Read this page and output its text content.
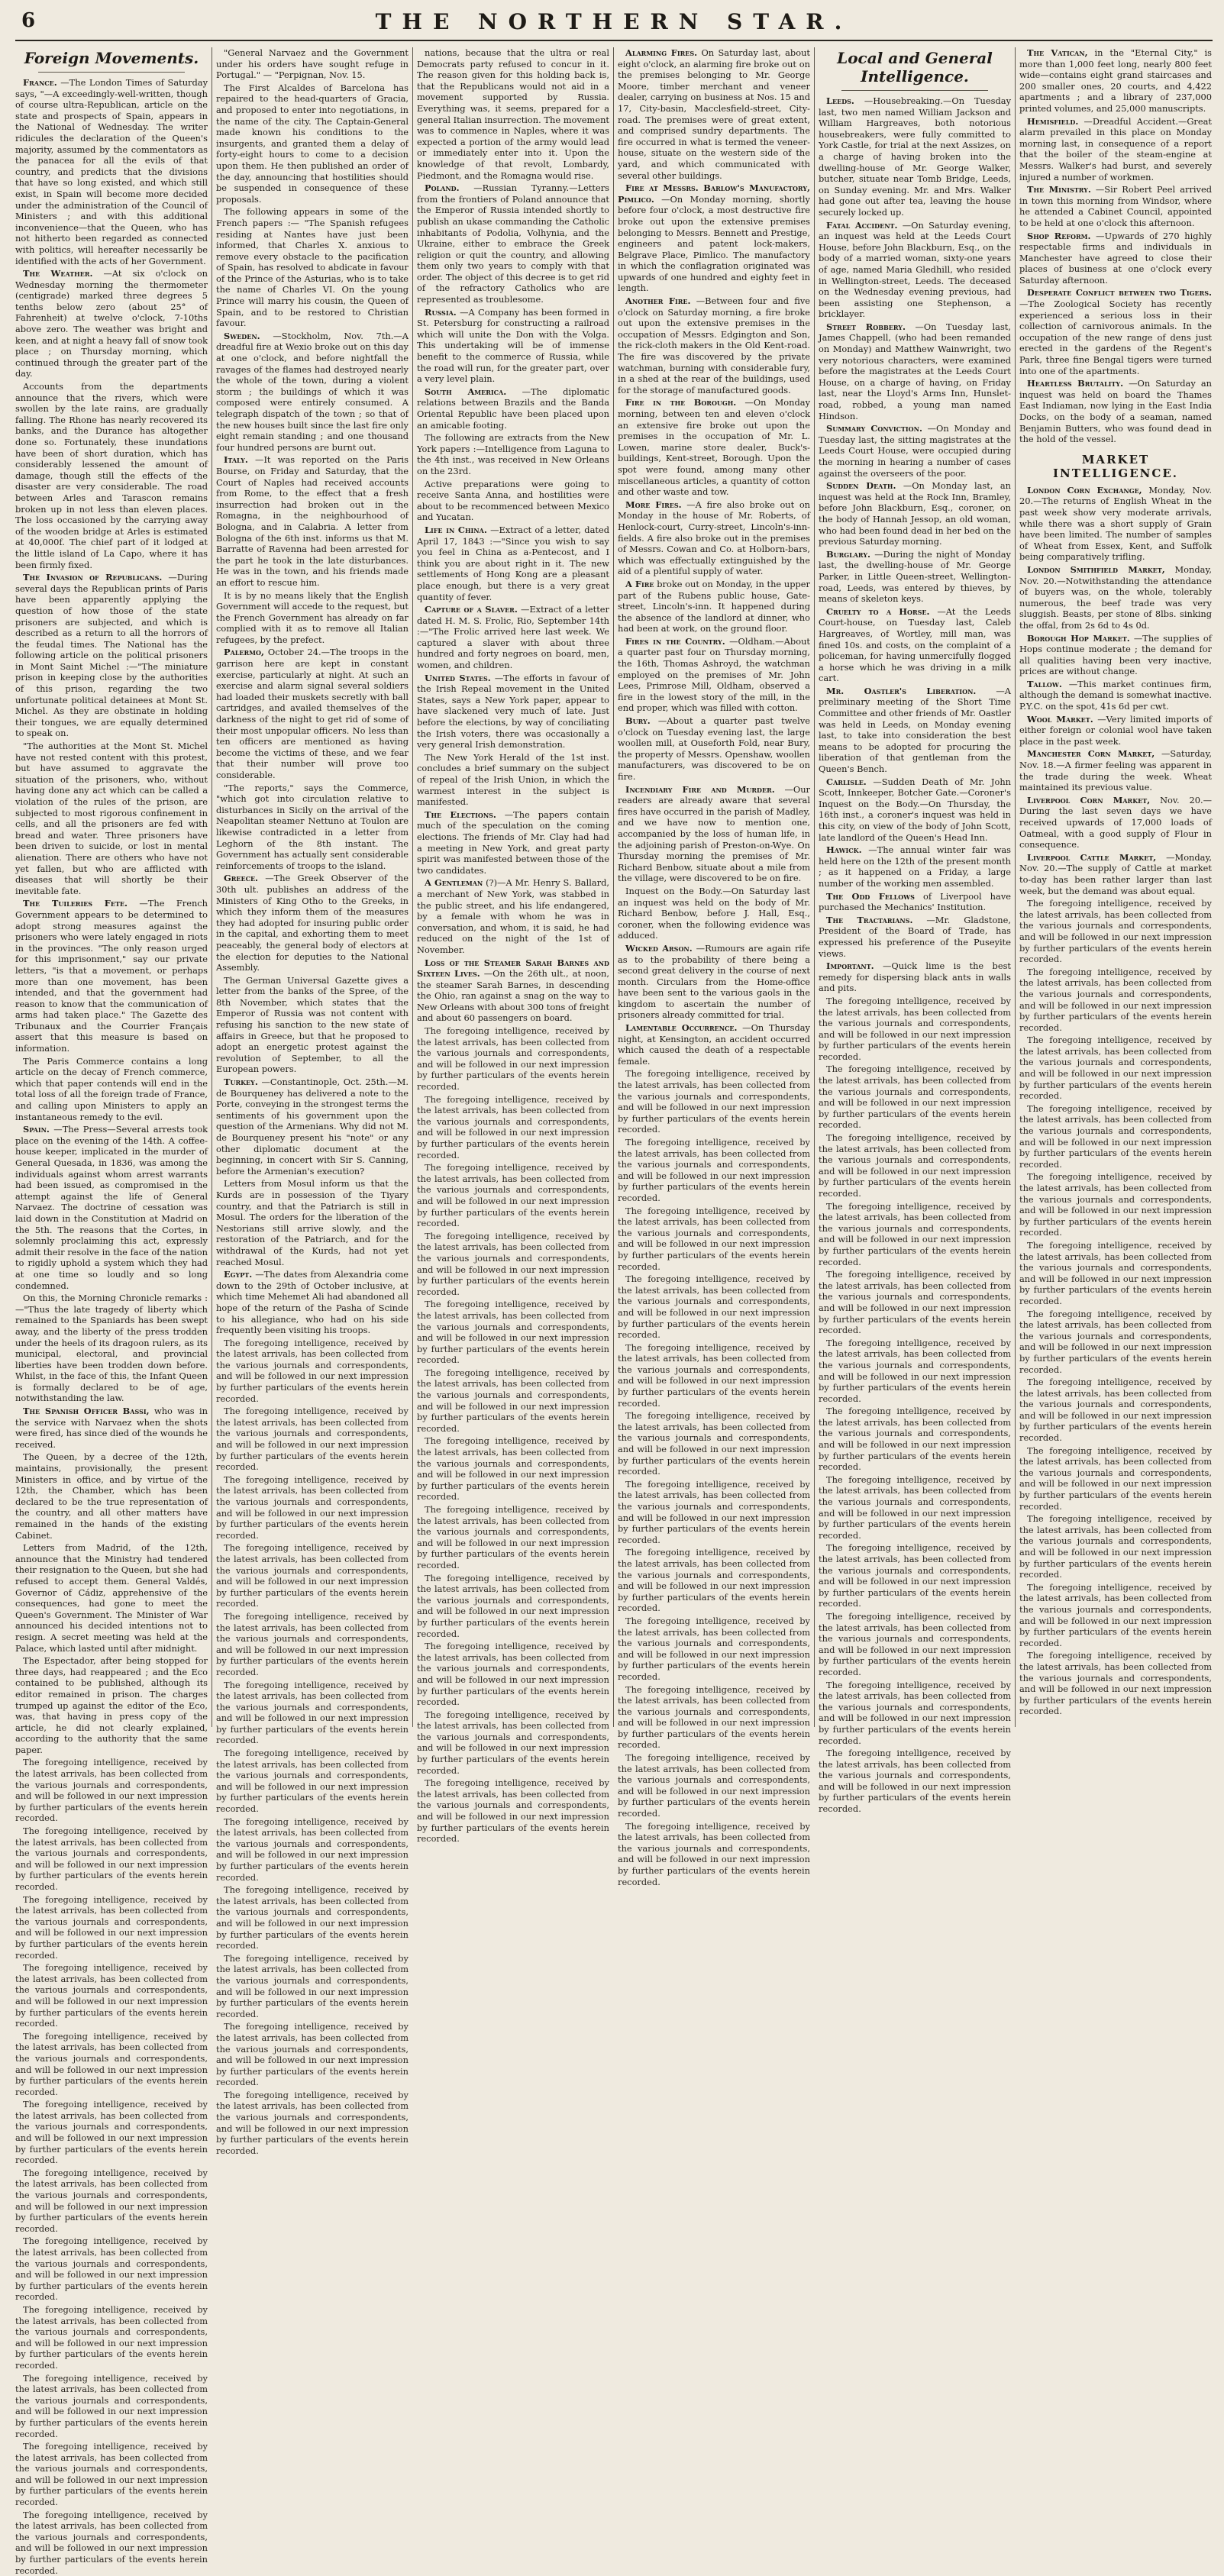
6	THE NORTHERN STAR.
Foreign Movements.

France. —The London Times of Saturday says, "—A exceedingly-well-written, though of course ultra-Republican, article on the state and prospects of Spain, appears in the National of Wednesday. The writer ridicules the declaration of the Queen's majority, assumed by the commentators as the panacea for all the evils of that country, and predicts that the divisions that have so long existed, and which still exist, in Spain will become more decided under the administration of the Council of Ministers ; and with this additional inconvenience—that the Queen, who has not hitherto been regarded as connected with politics, will hereafter necessarily be identified with the acts of her Government.

The Weather. —At six o'clock on Wednesday morning the thermometer (centigrade) marked three degrees 5 tenths below zero (about 25° of Fahrenheit) at twelve o'clock, 7-10ths above zero. The weather was bright and keen, and at night a heavy fall of snow took place ; on Thursday morning, which continued through the greater part of the day.

Accounts from the departments announce that the rivers, which were swollen by the late rains, are gradually falling. The Rhone has nearly recovered its banks, and the Durance has altogether done so. Fortunately, these inundations have been of short duration, which has considerably lessened the amount of damage, though still the effects of the disaster are very considerable. The road between Arles and Tarascon remains broken up in not less than eleven places. The loss occasioned by the carrying away of the wooden bridge at Arles is estimated at 40,000f. The chief part of it lodged at the little island of La Capo, where it has been firmly fixed.

The Invasion of Republicans. —During several days the Republican prints of Paris have been apparently applying the question of how those of the state prisoners are subjected, and which is described as a return to all the horrors of the feudal times. The National has the following article on the political prisoners in Mont Saint Michel :—"The miniature prison in keeping close by the authorities of this prison, regarding the two unfortunate political detainees at Mont St. Michel. As they are obstinate in holding their tongues, we are equally determined to speak on.

"The authorities at the Mont St. Michel have not rested content with this protest, but have assumed to aggravate the situation of the prisoners, who, without having done any act which can be called a violation of the rules of the prison, are subjected to most rigorous confinement in cells, and all the prisoners are fed with bread and water. Three prisoners have been driven to suicide, or lost in mental alienation. There are others who have not yet fallen, but who are afflicted with diseases that will shortly be their inevitable fate.

The Tuileries Fete. —The French Government appears to be determined to adopt strong measures against the prisoners who were lately engaged in riots in the provinces. "The only reason urged for this imprisonment," say our private letters, "is that a movement, or perhaps more than one movement, has been intended, and that the government had reason to know that the communication of arms had taken place." The Gazette des Tribunaux and the Courrier Français assert that this measure is based on information.

The Paris Commerce contains a long article on the decay of French commerce, which that paper contends will end in the total loss of all the foreign trade of France, and calling upon Ministers to apply an instantaneous remedy to the evil.

Spain. —The Press—Several arrests took place on the evening of the 14th. A coffee-house keeper, implicated in the murder of General Quesada, in 1836, was among the individuals against whom arrest warrants had been issued, as compromised in the attempt against the life of General Narvaez. The doctrine of cessation was laid down in the Constitution at Madrid on the 5th. The reasons that the Cortes, in solemnly proclaiming this act, expressly admit their resolve in the face of the nation to rigidly uphold a system which they had at one time so loudly and so long condemned.

On this, the Morning Chronicle remarks :—"Thus the late tragedy of liberty which remained to the Spaniards has been swept away, and the liberty of the press trodden under the heels of its dragoon rulers, as its municipal, electoral, and provincial liberties have been trodden down before. Whilst, in the face of this, the Infant Queen is formally declared to be of age, notwithstanding the law.

The Spanish Officer Bassi, who was in the service with Narvaez when the shots were fired, has since died of the wounds he received.

The Queen, by a decree of the 12th, maintains, provisionally, the present Ministers in office, and by virtue of the 12th, the Chamber, which has been declared to be the true representation of the country, and all other matters have remained in the hands of the existing Cabinet.

Letters from Madrid, of the 12th, announce that the Ministry had tendered their resignation to the Queen, but she had refused to accept them. General Valdés, Governor of Cádiz, apprehensive of the consequences, had gone to meet the Queen's Government. The Minister of War announced his decided intentions not to resign. A secret meeting was held at the Palace, which lasted until after midnight.

The Espectador, after being stopped for three days, had reappeared ; and the Eco contained to be published, although its editor remained in prison. The charges trumped up against the editor of the Eco, was, that having in press copy of the article, he did not clearly explained, according to the authority that the same paper.

The foregoing intelligence, received by the latest arrivals, has been collected from the various journals and correspondents, and will be followed in our next impression by further particulars of the events herein recorded.

The foregoing intelligence, received by the latest arrivals, has been collected from the various journals and correspondents, and will be followed in our next impression by further particulars of the events herein recorded.

The foregoing intelligence, received by the latest arrivals, has been collected from the various journals and correspondents, and will be followed in our next impression by further particulars of the events herein recorded.

The foregoing intelligence, received by the latest arrivals, has been collected from the various journals and correspondents, and will be followed in our next impression by further particulars of the events herein recorded.

The foregoing intelligence, received by the latest arrivals, has been collected from the various journals and correspondents, and will be followed in our next impression by further particulars of the events herein recorded.

The foregoing intelligence, received by the latest arrivals, has been collected from the various journals and correspondents, and will be followed in our next impression by further particulars of the events herein recorded.

The foregoing intelligence, received by the latest arrivals, has been collected from the various journals and correspondents, and will be followed in our next impression by further particulars of the events herein recorded.

The foregoing intelligence, received by the latest arrivals, has been collected from the various journals and correspondents, and will be followed in our next impression by further particulars of the events herein recorded.

The foregoing intelligence, received by the latest arrivals, has been collected from the various journals and correspondents, and will be followed in our next impression by further particulars of the events herein recorded.

The foregoing intelligence, received by the latest arrivals, has been collected from the various journals and correspondents, and will be followed in our next impression by further particulars of the events herein recorded.

The foregoing intelligence, received by the latest arrivals, has been collected from the various journals and correspondents, and will be followed in our next impression by further particulars of the events herein recorded.

The foregoing intelligence, received by the latest arrivals, has been collected from the various journals and correspondents, and will be followed in our next impression by further particulars of the events herein recorded.

"General Narvaez and the Government under his orders have sought refuge in Portugal." — "Perpignan, Nov. 15.

The First Alcaldes of Barcelona has repaired to the head-quarters of Gracia, and proposed to enter into negotiations, in the name of the city. The Captain-General made known his conditions to the insurgents, and granted them a delay of forty-eight hours to come to a decision upon them. He then published an order of the day, announcing that hostilities should be suspended in consequence of these proposals.

The following appears in some of the French papers :— "The Spanish refugees residing at Nantes have just been informed, that Charles X. anxious to remove every obstacle to the pacification of Spain, has resolved to abdicate in favour of the Prince of the Asturias, who is to take the name of Charles VI. On the young Prince will marry his cousin, the Queen of Spain, and to be restored to Christian favour.

Sweden. —Stockholm, Nov. 7th.—A dreadful fire at Wexio broke out on this day at one o'clock, and before nightfall the ravages of the flames had destroyed nearly the whole of the town, during a violent storm ; the buildings of which it was composed were entirely consumed. A telegraph dispatch of the town ; so that of the new houses built since the last fire only eight remain standing ; and one thousand four hundred persons are burnt out.

Italy. —It was reported on the Paris Bourse, on Friday and Saturday, that the Court of Naples had received accounts from Rome, to the effect that a fresh insurrection had broken out in the Romagna, in the neighbourhood of Bologna, and in Calabria. A letter from Bologna of the 6th inst. informs us that M. Barratte of Ravenna had been arrested for the part he took in the late disturbances. He was in the town, and his friends made an effort to rescue him.

It is by no means likely that the English Government will accede to the request, but the French Government has already on far complied with it as to remove all Italian refugees, by the prefect.

Palermo, October 24.—The troops in the garrison here are kept in constant exercise, particularly at night. At such an exercise and alarm signal several soldiers had loaded their muskets secretly with ball cartridges, and availed themselves of the darkness of the night to get rid of some of their most unpopular officers. No less than ten officers are mentioned as having become the victims of these, and we fear that their number will prove too considerable.

"The reports," says the Commerce, "which got into circulation relative to disturbances in Sicily on the arrival of the Neapolitan steamer Nettuno at Toulon are likewise contradicted in a letter from Leghorn of the 8th instant. The Government has actually sent considerable reinforcements of troops to the island.

Greece. —The Greek Observer of the 30th ult. publishes an address of the Ministers of King Otho to the Greeks, in which they inform them of the measures they had adopted for insuring public order in the capital, and exhorting them to meet peaceably, the general body of electors at the election for deputies to the National Assembly.

The German Universal Gazette gives a letter from the banks of the Spree, of the 8th November, which states that the Emperor of Russia was not content with refusing his sanction to the new state of affairs in Greece, but that he proposed to adopt an energetic protest against the revolution of September, to all the European powers.

Turkey. —Constantinople, Oct. 25th.—M. de Bourqueney has delivered a note to the Porte, conveying in the strongest terms the sentiments of his government upon the question of the Armenians. Why did not M. de Bourqueney present his "note" or any other diplomatic document at the beginning, in concert with Sir S. Canning, before the Armenian's execution?

Letters from Mosul inform us that the Kurds are in possession of the Tiyary country, and that the Patriarch is still in Mosul. The orders for the liberation of the Nestorians still arrive slowly, and the restoration of the Patriarch, and for the withdrawal of the Kurds, had not yet reached Mosul.

Egypt. —The dates from Alexandria come down to the 29th of October inclusive, at which time Mehemet Ali had abandoned all hope of the return of the Pasha of Scinde to his allegiance, who had on his side frequently been visiting his troops.

The foregoing intelligence, received by the latest arrivals, has been collected from the various journals and correspondents, and will be followed in our next impression by further particulars of the events herein recorded.

The foregoing intelligence, received by the latest arrivals, has been collected from the various journals and correspondents, and will be followed in our next impression by further particulars of the events herein recorded.

The foregoing intelligence, received by the latest arrivals, has been collected from the various journals and correspondents, and will be followed in our next impression by further particulars of the events herein recorded.

The foregoing intelligence, received by the latest arrivals, has been collected from the various journals and correspondents, and will be followed in our next impression by further particulars of the events herein recorded.

The foregoing intelligence, received by the latest arrivals, has been collected from the various journals and correspondents, and will be followed in our next impression by further particulars of the events herein recorded.

The foregoing intelligence, received by the latest arrivals, has been collected from the various journals and correspondents, and will be followed in our next impression by further particulars of the events herein recorded.

The foregoing intelligence, received by the latest arrivals, has been collected from the various journals and correspondents, and will be followed in our next impression by further particulars of the events herein recorded.

The foregoing intelligence, received by the latest arrivals, has been collected from the various journals and correspondents, and will be followed in our next impression by further particulars of the events herein recorded.

The foregoing intelligence, received by the latest arrivals, has been collected from the various journals and correspondents, and will be followed in our next impression by further particulars of the events herein recorded.

The foregoing intelligence, received by the latest arrivals, has been collected from the various journals and correspondents, and will be followed in our next impression by further particulars of the events herein recorded.

The foregoing intelligence, received by the latest arrivals, has been collected from the various journals and correspondents, and will be followed in our next impression by further particulars of the events herein recorded.

The foregoing intelligence, received by the latest arrivals, has been collected from the various journals and correspondents, and will be followed in our next impression by further particulars of the events herein recorded.

nations, because that the ultra or real Democrats party refused to concur in it. The reason given for this holding back is, that the Republicans would not aid in a movement supported by Russia. Everything was, it seems, prepared for a general Italian insurrection. The movement was to commence in Naples, where it was expected a portion of the army would lead or immediately enter into it. Upon the knowledge of that revolt, Lombardy, Piedmont, and the Romagna would rise.

Poland. —Russian Tyranny.—Letters from the frontiers of Poland announce that the Emperor of Russia intended shortly to publish an ukase commanding the Catholic inhabitants of Podolia, Volhynia, and the Ukraine, either to embrace the Greek religion or quit the country, and allowing them only two years to comply with that order. The object of this decree is to get rid of the refractory Catholics who are represented as troublesome.

Russia. —A Company has been formed in St. Petersburg for constructing a railroad which will unite the Don with the Volga. This undertaking will be of immense benefit to the commerce of Russia, while the road will run, for the greater part, over a very level plain.

South America. —The diplomatic relations between Brazils and the Banda Oriental Republic have been placed upon an amicable footing.

The following are extracts from the New York papers :—Intelligence from Laguna to the 4th inst., was received in New Orleans on the 23rd.

Active preparations were going to receive Santa Anna, and hostilities were about to be recommenced between Mexico and Yucatan.

Life in China. —Extract of a letter, dated April 17, 1843 :—"Since you wish to say you feel in China as a-Pentecost, and I think you are about right in it. The new settlements of Hong Kong are a pleasant place enough, but there is a very great quantity of fever.

Capture of a Slaver. —Extract of a letter dated H. M. S. Frolic, Rio, September 14th :—"The Frolic arrived here last week. We captured a slaver with about three hundred and forty negroes on board, men, women, and children.

United States. —The efforts in favour of the Irish Repeal movement in the United States, says a New York paper, appear to have slackened very much of late. Just before the elections, by way of conciliating the Irish voters, there was occasionally a very general Irish demonstration.

The New York Herald of the 1st inst. concludes a brief summary on the subject of repeal of the Irish Union, in which the warmest interest in the subject is manifested.

The Elections. —The papers contain much of the speculation on the coming elections. The friends of Mr. Clay had had a meeting in New York, and great party spirit was manifested between those of the two candidates.

A Gentleman (?)—A Mr. Henry S. Ballard, a merchant of New York, was stabbed in the public street, and his life endangered, by a female with whom he was in conversation, and whom, it is said, he had reduced on the night of the 1st of November.

Loss of the Steamer Sarah Barnes and Sixteen Lives. —On the 26th ult., at noon, the steamer Sarah Barnes, in descending the Ohio, ran against a snag on the way to New Orleans with about 300 tons of freight and about 60 passengers on board.

The foregoing intelligence, received by the latest arrivals, has been collected from the various journals and correspondents, and will be followed in our next impression by further particulars of the events herein recorded.

The foregoing intelligence, received by the latest arrivals, has been collected from the various journals and correspondents, and will be followed in our next impression by further particulars of the events herein recorded.

The foregoing intelligence, received by the latest arrivals, has been collected from the various journals and correspondents, and will be followed in our next impression by further particulars of the events herein recorded.

The foregoing intelligence, received by the latest arrivals, has been collected from the various journals and correspondents, and will be followed in our next impression by further particulars of the events herein recorded.

The foregoing intelligence, received by the latest arrivals, has been collected from the various journals and correspondents, and will be followed in our next impression by further particulars of the events herein recorded.

The foregoing intelligence, received by the latest arrivals, has been collected from the various journals and correspondents, and will be followed in our next impression by further particulars of the events herein recorded.

The foregoing intelligence, received by the latest arrivals, has been collected from the various journals and correspondents, and will be followed in our next impression by further particulars of the events herein recorded.

The foregoing intelligence, received by the latest arrivals, has been collected from the various journals and correspondents, and will be followed in our next impression by further particulars of the events herein recorded.

The foregoing intelligence, received by the latest arrivals, has been collected from the various journals and correspondents, and will be followed in our next impression by further particulars of the events herein recorded.

The foregoing intelligence, received by the latest arrivals, has been collected from the various journals and correspondents, and will be followed in our next impression by further particulars of the events herein recorded.

The foregoing intelligence, received by the latest arrivals, has been collected from the various journals and correspondents, and will be followed in our next impression by further particulars of the events herein recorded.

The foregoing intelligence, received by the latest arrivals, has been collected from the various journals and correspondents, and will be followed in our next impression by further particulars of the events herein recorded.

Alarming Fires. On Saturday last, about eight o'clock, an alarming fire broke out on the premises belonging to Mr. George Moore, timber merchant and veneer dealer, carrying on business at Nos. 15 and 17, City-basin, Macclesfield-street, City-road. The premises were of great extent, and comprised sundry departments. The fire occurred in what is termed the veneer-house, situate on the western side of the yard, and which communicated with several other buildings.

Fire at Messrs. Barlow's Manufactory, Pimlico. —On Monday morning, shortly before four o'clock, a most destructive fire broke out upon the extensive premises belonging to Messrs. Bennett and Prestige, engineers and patent lock-makers, Belgrave Place, Pimlico. The manufactory in which the conflagration originated was upwards of one hundred and eighty feet in length.

Another Fire. —Between four and five o'clock on Saturday morning, a fire broke out upon the extensive premises in the occupation of Messrs. Edgington and Son, the rick-cloth makers in the Old Kent-road. The fire was discovered by the private watchman, burning with considerable fury, in a shed at the rear of the buildings, used for the storage of manufactured goods.

Fire in the Borough. —On Monday morning, between ten and eleven o'clock an extensive fire broke out upon the premises in the occupation of Mr. L. Lowen, marine store dealer, Buck's-buildings, Kent-street, Borough. Upon the spot were found, among many other miscellaneous articles, a quantity of cotton and other waste and tow.

More Fires. —A fire also broke out on Monday in the house of Mr. Roberts, of Henlock-court, Curry-street, Lincoln's-inn-fields. A fire also broke out in the premises of Messrs. Cowan and Co. at Holborn-bars, which was effectually extinguished by the aid of a plentiful supply of water.

A Fire broke out on Monday, in the upper part of the Rubens public house, Gate-street, Lincoln's-inn. It happened during the absence of the landlord at dinner, who had been at work, on the ground floor.

Fires in the Country. —Oldham.—About a quarter past four on Thursday morning, the 16th, Thomas Ashroyd, the watchman employed on the premises of Mr. John Lees, Primrose Mill, Oldham, observed a fire in the lowest story of the mill, in the end proper, which was filled with cotton.

Bury. —About a quarter past twelve o'clock on Tuesday evening last, the large woollen mill, at Ouseforth Fold, near Bury, the property of Messrs. Openshaw, woollen manufacturers, was discovered to be on fire.

Incendiary Fire and Murder. —Our readers are already aware that several fires have occurred in the parish of Madley, and we have now to mention one, accompanied by the loss of human life, in the adjoining parish of Preston-on-Wye. On Thursday morning the premises of Mr. Richard Benbow, situate about a mile from the village, were discovered to be on fire.

Inquest on the Body.—On Saturday last an inquest was held on the body of Mr. Richard Benbow, before J. Hall, Esq., coroner, when the following evidence was adduced.

Wicked Arson. —Rumours are again rife as to the probability of there being a second great delivery in the course of next month. Circulars from the Home-office have been sent to the various gaols in the kingdom to ascertain the number of prisoners already committed for trial.

Lamentable Occurrence. —On Thursday night, at Kensington, an accident occurred which caused the death of a respectable female.

The foregoing intelligence, received by the latest arrivals, has been collected from the various journals and correspondents, and will be followed in our next impression by further particulars of the events herein recorded.

The foregoing intelligence, received by the latest arrivals, has been collected from the various journals and correspondents, and will be followed in our next impression by further particulars of the events herein recorded.

The foregoing intelligence, received by the latest arrivals, has been collected from the various journals and correspondents, and will be followed in our next impression by further particulars of the events herein recorded.

The foregoing intelligence, received by the latest arrivals, has been collected from the various journals and correspondents, and will be followed in our next impression by further particulars of the events herein recorded.

The foregoing intelligence, received by the latest arrivals, has been collected from the various journals and correspondents, and will be followed in our next impression by further particulars of the events herein recorded.

The foregoing intelligence, received by the latest arrivals, has been collected from the various journals and correspondents, and will be followed in our next impression by further particulars of the events herein recorded.

The foregoing intelligence, received by the latest arrivals, has been collected from the various journals and correspondents, and will be followed in our next impression by further particulars of the events herein recorded.

The foregoing intelligence, received by the latest arrivals, has been collected from the various journals and correspondents, and will be followed in our next impression by further particulars of the events herein recorded.

The foregoing intelligence, received by the latest arrivals, has been collected from the various journals and correspondents, and will be followed in our next impression by further particulars of the events herein recorded.

The foregoing intelligence, received by the latest arrivals, has been collected from the various journals and correspondents, and will be followed in our next impression by further particulars of the events herein recorded.

The foregoing intelligence, received by the latest arrivals, has been collected from the various journals and correspondents, and will be followed in our next impression by further particulars of the events herein recorded.

The foregoing intelligence, received by the latest arrivals, has been collected from the various journals and correspondents, and will be followed in our next impression by further particulars of the events herein recorded.

Local and General Intelligence.

Leeds. —Housebreaking.—On Tuesday last, two men named William Jackson and William Hargreaves, both notorious housebreakers, were fully committed to York Castle, for trial at the next Assizes, on a charge of having broken into the dwelling-house of Mr. George Walker, butcher, situate near Tomb Bridge, Leeds, on Sunday evening. Mr. and Mrs. Walker had gone out after tea, leaving the house securely locked up.

Fatal Accident. —On Saturday evening, an inquest was held at the Leeds Court House, before John Blackburn, Esq., on the body of a married woman, sixty-one years of age, named Maria Gledhill, who resided in Wellington-street, Leeds. The deceased on the Wednesday evening previous, had been assisting one Stephenson, a bricklayer.

Street Robbery. —On Tuesday last, James Chappell, (who had been remanded on Monday) and Matthew Wainwright, two very notorious characters, were examined before the magistrates at the Leeds Court House, on a charge of having, on Friday last, near the Lloyd's Arms Inn, Hunslet-road, robbed, a young man named Hindson.

Summary Conviction. —On Monday and Tuesday last, the sitting magistrates at the Leeds Court House, were occupied during the morning in hearing a number of cases against the overseers of the poor.

Sudden Death. —On Monday last, an inquest was held at the Rock Inn, Bramley, before John Blackburn, Esq., coroner, on the body of Hannah Jessop, an old woman, who had been found dead in her bed on the previous Saturday morning.

Burglary. —During the night of Monday last, the dwelling-house of Mr. George Parker, in Little Queen-street, Wellington-road, Leeds, was entered by thieves, by means of skeleton keys.

Cruelty to a Horse. —At the Leeds Court-house, on Tuesday last, Caleb Hargreaves, of Wortley, mill man, was fined 10s. and costs, on the complaint of a policeman, for having unmercifully flogged a horse which he was driving in a milk cart.

Mr. Oastler's Liberation. —A preliminary meeting of the Short Time Committee and other friends of Mr. Oastler was held in Leeds, on Monday evening last, to take into consideration the best means to be adopted for procuring the liberation of that gentleman from the Queen's Bench.

Carlisle. —Sudden Death of Mr. John Scott, Innkeeper, Botcher Gate.—Coroner's Inquest on the Body.—On Thursday, the 16th inst., a coroner's inquest was held in this city, on view of the body of John Scott, late landlord of the Queen's Head Inn.

Hawick. —The annual winter fair was held here on the 12th of the present month ; as it happened on a Friday, a large number of the working men assembled.

The Odd Fellows of Liverpool have purchased the Mechanics' Institution.

The Tractarians. —Mr. Gladstone, President of the Board of Trade, has expressed his preference of the Puseyite views.

Important. —Quick lime is the best remedy for dispersing black ants in walls and pits.

The foregoing intelligence, received by the latest arrivals, has been collected from the various journals and correspondents, and will be followed in our next impression by further particulars of the events herein recorded.

The foregoing intelligence, received by the latest arrivals, has been collected from the various journals and correspondents, and will be followed in our next impression by further particulars of the events herein recorded.

The foregoing intelligence, received by the latest arrivals, has been collected from the various journals and correspondents, and will be followed in our next impression by further particulars of the events herein recorded.

The foregoing intelligence, received by the latest arrivals, has been collected from the various journals and correspondents, and will be followed in our next impression by further particulars of the events herein recorded.

The foregoing intelligence, received by the latest arrivals, has been collected from the various journals and correspondents, and will be followed in our next impression by further particulars of the events herein recorded.

The foregoing intelligence, received by the latest arrivals, has been collected from the various journals and correspondents, and will be followed in our next impression by further particulars of the events herein recorded.

The foregoing intelligence, received by the latest arrivals, has been collected from the various journals and correspondents, and will be followed in our next impression by further particulars of the events herein recorded.

The foregoing intelligence, received by the latest arrivals, has been collected from the various journals and correspondents, and will be followed in our next impression by further particulars of the events herein recorded.

The foregoing intelligence, received by the latest arrivals, has been collected from the various journals and correspondents, and will be followed in our next impression by further particulars of the events herein recorded.

The foregoing intelligence, received by the latest arrivals, has been collected from the various journals and correspondents, and will be followed in our next impression by further particulars of the events herein recorded.

The foregoing intelligence, received by the latest arrivals, has been collected from the various journals and correspondents, and will be followed in our next impression by further particulars of the events herein recorded.

The foregoing intelligence, received by the latest arrivals, has been collected from the various journals and correspondents, and will be followed in our next impression by further particulars of the events herein recorded.

The Vatican, in the "Eternal City," is more than 1,000 feet long, nearly 800 feet wide—contains eight grand staircases and 200 smaller ones, 20 courts, and 4,422 apartments ; and a library of 237,000 printed volumes, and 25,000 manuscripts.

Hemisfield. —Dreadful Accident.—Great alarm prevailed in this place on Monday morning last, in consequence of a report that the boiler of the steam-engine at Messrs. Walker's had burst, and severely injured a number of workmen.

The Ministry. —Sir Robert Peel arrived in town this morning from Windsor, where he attended a Cabinet Council, appointed to be held at one o'clock this afternoon.

Shop Reform. —Upwards of 270 highly respectable firms and individuals in Manchester have agreed to close their places of business at one o'clock every Saturday afternoon.

Desperate Conflict between two Tigers. —The Zoological Society has recently experienced a serious loss in their collection of carnivorous animals. In the occupation of the new range of dens just erected in the gardens of the Regent's Park, three fine Bengal tigers were turned into one of the apartments.

Heartless Brutality. —On Saturday an inquest was held on board the Thames East Indiaman, now lying in the East India Docks, on the body of a seaman, named Benjamin Butters, who was found dead in the hold of the vessel.

MARKET INTELLIGENCE.

London Corn Exchange, Monday, Nov. 20.—The returns of English Wheat in the past week show very moderate arrivals, while there was a short supply of Grain have been limited. The number of samples of Wheat from Essex, Kent, and Suffolk being comparatively trifling.

London Smithfield Market, Monday, Nov. 20.—Notwithstanding the attendance of buyers was, on the whole, tolerably numerous, the beef trade was very sluggish. Beasts, per stone of 8lbs. sinking the offal, from 2s 6d to 4s 0d.

Borough Hop Market. —The supplies of Hops continue moderate ; the demand for all qualities having been very inactive, prices are without change.

Tallow. —This market continues firm, although the demand is somewhat inactive. P.Y.C. on the spot, 41s 6d per cwt.

Wool Market. —Very limited imports of either foreign or colonial wool have taken place in the past week.

Manchester Corn Market, —Saturday, Nov. 18.—A firmer feeling was apparent in the trade during the week. Wheat maintained its previous value.

Liverpool Corn Market, Nov. 20.—During the last seven days we have received upwards of 17,000 loads of Oatmeal, with a good supply of Flour in consequence.

Liverpool Cattle Market, —Monday, Nov. 20.—The supply of Cattle at market to-day has been rather larger than last week, but the demand was about equal.

The foregoing intelligence, received by the latest arrivals, has been collected from the various journals and correspondents, and will be followed in our next impression by further particulars of the events herein recorded.

The foregoing intelligence, received by the latest arrivals, has been collected from the various journals and correspondents, and will be followed in our next impression by further particulars of the events herein recorded.

The foregoing intelligence, received by the latest arrivals, has been collected from the various journals and correspondents, and will be followed in our next impression by further particulars of the events herein recorded.

The foregoing intelligence, received by the latest arrivals, has been collected from the various journals and correspondents, and will be followed in our next impression by further particulars of the events herein recorded.

The foregoing intelligence, received by the latest arrivals, has been collected from the various journals and correspondents, and will be followed in our next impression by further particulars of the events herein recorded.

The foregoing intelligence, received by the latest arrivals, has been collected from the various journals and correspondents, and will be followed in our next impression by further particulars of the events herein recorded.

The foregoing intelligence, received by the latest arrivals, has been collected from the various journals and correspondents, and will be followed in our next impression by further particulars of the events herein recorded.

The foregoing intelligence, received by the latest arrivals, has been collected from the various journals and correspondents, and will be followed in our next impression by further particulars of the events herein recorded.

The foregoing intelligence, received by the latest arrivals, has been collected from the various journals and correspondents, and will be followed in our next impression by further particulars of the events herein recorded.

The foregoing intelligence, received by the latest arrivals, has been collected from the various journals and correspondents, and will be followed in our next impression by further particulars of the events herein recorded.

The foregoing intelligence, received by the latest arrivals, has been collected from the various journals and correspondents, and will be followed in our next impression by further particulars of the events herein recorded.

The foregoing intelligence, received by the latest arrivals, has been collected from the various journals and correspondents, and will be followed in our next impression by further particulars of the events herein recorded.
